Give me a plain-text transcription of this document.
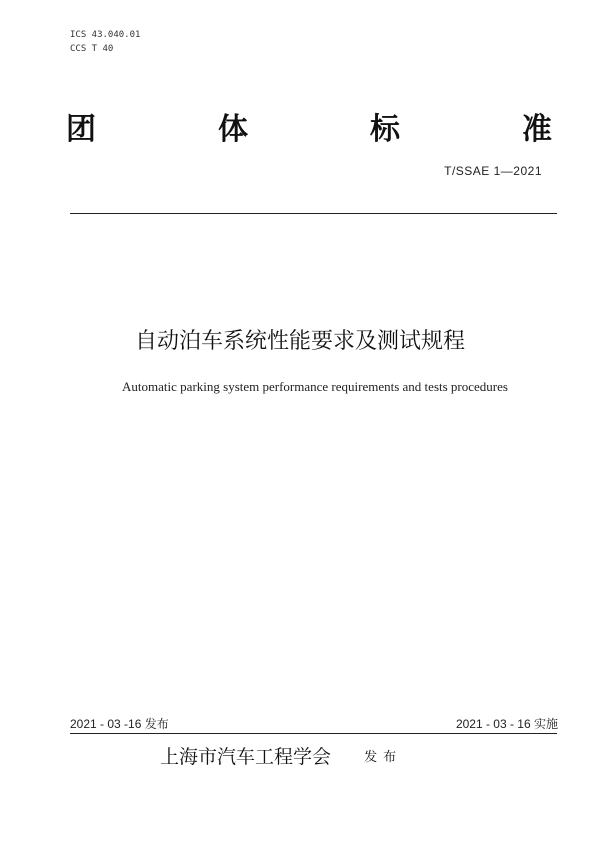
ICS 43.040.01
CCS T 40
团	体	标	准
T/SSAE 1—2021
自动泊车系统性能要求及测试规程
Automatic parking system performance requirements and tests procedures
2021 - 03 -16 发布	2021 - 03 - 16 实施
上海市汽车工程学会	发布
